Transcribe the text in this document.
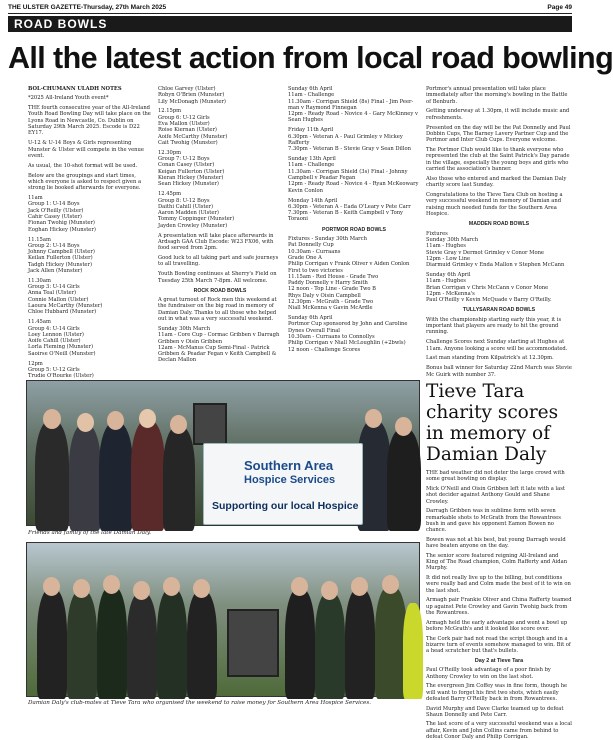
THE ULSTER GAZETTE-Thursday, 27th March 2025	Page 49
ROAD BOWLS
All the latest action from local road bowling

BOL-CHUMANN ULADH NOTES

*2025 All-Ireland Youth event*

THE fourth consecutive year of the All-Ireland Youth Road Bowling Day will take place on the Lyons Road in Newcastle, Co. Dublin on Saturday 29th March 2025. Escode is D22 EY17.

U-12 & U-14 Boys & Girls representing Munster & Ulster will compete in the venue event.

As usual, the 10-shot format will be used.

Below are the groupings and start times, which everyone is asked to respect given a strong lie booked afterwards for everyone.

11am
Group 1: U-14 Boys
Jack O'Reilly (Ulster)
Cahir Casey (Ulster)
Fionan Twohig (Munster)
Eoghan Hickey (Munster)

11.15am
Group 2: U-14 Boys
Johnny Campbell (Ulster)
Keilan Fullerton (Ulster)
Tadgh Hickey (Munster)
Jack Allen (Munster)

11.30am
Group 3: U-14 Girls
Anna Teal (Ulster)
Connie Mallon (Ulster)
Laoura McCarthy (Munster)
Chloe Hubbard (Munster)

11.45am
Group 4: U-14 Girls
Loey Lennon (Ulster)
Aoife Cahill (Ulster)
Lorla Fleming (Munster)
Saoirse O'Neill (Munster)

12pm
Group 5: U-12 Girls
Trudie O'Rourke (Ulster)

Chloe Garvey (Ulster)
Robyn O'Brien (Munster)
Lily McDonagh (Munster)

12.15pm
Group 6: U-12 Girls
Eva Mallon (Ulster)
Roise Kiernan (Ulster)
Aoife McCarthy (Munster)
Cait Twohig (Munster)

12.30pm
Group 7: U-12 Boys
Conan Casey (Ulster)
Keigan Fullerton (Ulster)
Kieran Hickey (Munster)
Sean Hickey (Munster)

12.45pm
Group 8: U-12 Boys
Daithi Cahill (Ulster)
Aaron Madden (Ulster)
Tommy Coppinger (Munster)
Jayden Crowley (Munster)

A presentation will take place afterwards in Ardsagh GAA Club Escode: W23 FX06, with food served from 2pm.

Good luck to all taking part and safe journeys to all travelling.

Youth Bowling continues at Sherry's Field on Tuesday 25th March 7-8pm. All welcome.

ROCK ROAD BOWLS

A great turnout of Rock men this weekend at the fundraiser on the big road in memory of Damian Daly. Thanks to all those who helped out in what was a very successful weekend.

Sunday 30th March
11am - Core Cup - Cormac Gribben v Darragh Gribben v Oisin Gribben
12am - McManus Cup Semi-Final - Patrick Gribben & Peadar Fegan v Keith Campbell & Declan Mallon

Sunday 6th April
11am - Challenge
11.30am - Corrigan Shield (8s) Final - Jim Peer-man v Raymond Finnegan
12pm - Ready Road - Novice 4 - Gary McKinney v Sean Hughes

Friday 11th April
6.30pm - Veteran A - Paul Grimley v Mickey Rafferty
7.30pm - Veteran B - Stevie Gray v Sean Dillon

Sunday 13th April
11am - Challenge
11.30am - Corrigan Shield (3s) Final - Johnny Campbell v Peadar Fegan
12pm - Ready Road - Novice 4 - Ryan McKeowary Kevin Conlon

Monday 14th April
6.30pm - Veteran A - Eada O'Leary v Pete Carr
7.30pm - Veteran B - Keith Campbell v Tony Toraoni

PORTMOR ROAD BOWLS

Fixtures - Sunday 30th March
Pat Donnelly Cup
10.30am - Curraans
Grade One A
Philip Corrigan v Frank Oliver v Aiden Conlon
First to two victories
11.15am - Red House - Grade Two
Paddy Donnelly v Harry Smith
12 noon - Top Line - Grade Two B
Rhys Daly v Oisin Campbell
12.30pm - McGrath - Grade Two
Niall McKenna v Gavin McArdle

Sunday 6th April
Portmor Cup sponsored by John and Caroline Dynes Overall Final
10.30am - Curraans to Connollys
Philip Corrigan v Niall McLoughlin (+2bwls)
12 noon - Challenge Scores

Portmor's annual presentation will take place immediately after the morning's bowling in the Battle of Benburb.

Getting underway at 1.30pm, it will include music and refreshments.

Presented on the day will be the Pat Donnelly and Paul Dobbin Cups, The Barney Lavery Partner Cup and the Portmor and Inter Club Cups. Everyone welcome.

The Portmor Club would like to thank everyone who represented the club at the Saint Patrick's Day parade in the village, especially the young boys and girls who carried the association's banner.

Also those who entered and marked the Damian Daly charity score last Sunday.

Congratulations to the Tieve Tara Club on hosting a very successful weekend in memory of Damian and raising much needed funds for the Southern Area Hospice.

MADDEN ROAD BOWLS

Fixtures
Sunday 30th March
11am - Hughes
Stevie Gray v Dermot Grimley v Conor Mone
12pm - Low Line
Diarmuid Grimley v Enda Mallon v Stephen McCann

Sunday 6th April
11am - Hughes
Brian Corrigan v Chris McCann v Conor Mone
12pm - McKenna's
Paul O'Reilly v Kevin McQuade v Barry O'Reilly.

TULLYSARAN ROAD BOWLS

With the championship starting early this year, it is important that players are ready to hit the ground running.

Challenge Scores next Sunday starting at Hughes at 11am. Anyone looking a score will be accommodated.

Last man standing from Kilpatrick's at 12.30pm.

Bonus ball winner for Saturday 22nd March was Stevie Mc Guirk with number 37.

Southern Area
Hospice Services
Supporting our local Hospice
Friends and family of the late Damian Daly.
Damian Daly's club-mates at Tieve Tara who organised the weekend to raise money for Southern Area Hospice Services.
Tieve Tara charity scores in memory of Damian Daly

THE bad weather did not deter the large crowd with some great bowling on display.

Mick O'Neill and Oisin Gribben left it late with a last shot decider against Anthony Gould and Shane Crowley.

Darragh Gribben was in sublime form with seven remarkable shots to McGrath from the Rowantrees bush in and gave his opponent Eamon Bowen no chance.

Bowen was not at his best, but young Darragh would have beaten anyone on the day.

The senior score featured reigning All-Ireland and King of The Road champion, Colm Rafferty and Aidan Murphy.

It did not really live up to the billing, but conditions were really bad and Colm made the best of it to win on the last shot.

Armagh pair Frankie Oliver and China Rafferty teamed up against Pete Crowley and Gavin Twohig back from the Rowantrees.

Armagh held the early advantage and went a bowl up before McGrath's and it looked like score over.

The Cork pair had not read the script though and in a bizarre turn of events somehow managed to win. Bit of a head scratcher but that's bullets.

Day 2 at Tieve Tara

Paul O'Reilly took advantage of a poor finish by Anthony Crowley to win on the last shot.

The evergreen Jim Coffey was in fine form, though he will want to forget his first two shots, which easily defeated Barry O'Reilly back in from Rowantrees.

David Murphy and Dave Clarke teamed up to defeat Shaun Donnelly and Pete Carr.

The last score of a very successful weekend was a local affair, Kevin and John Collins came from behind to defeat Conor Daly and Philip Corrigan.
